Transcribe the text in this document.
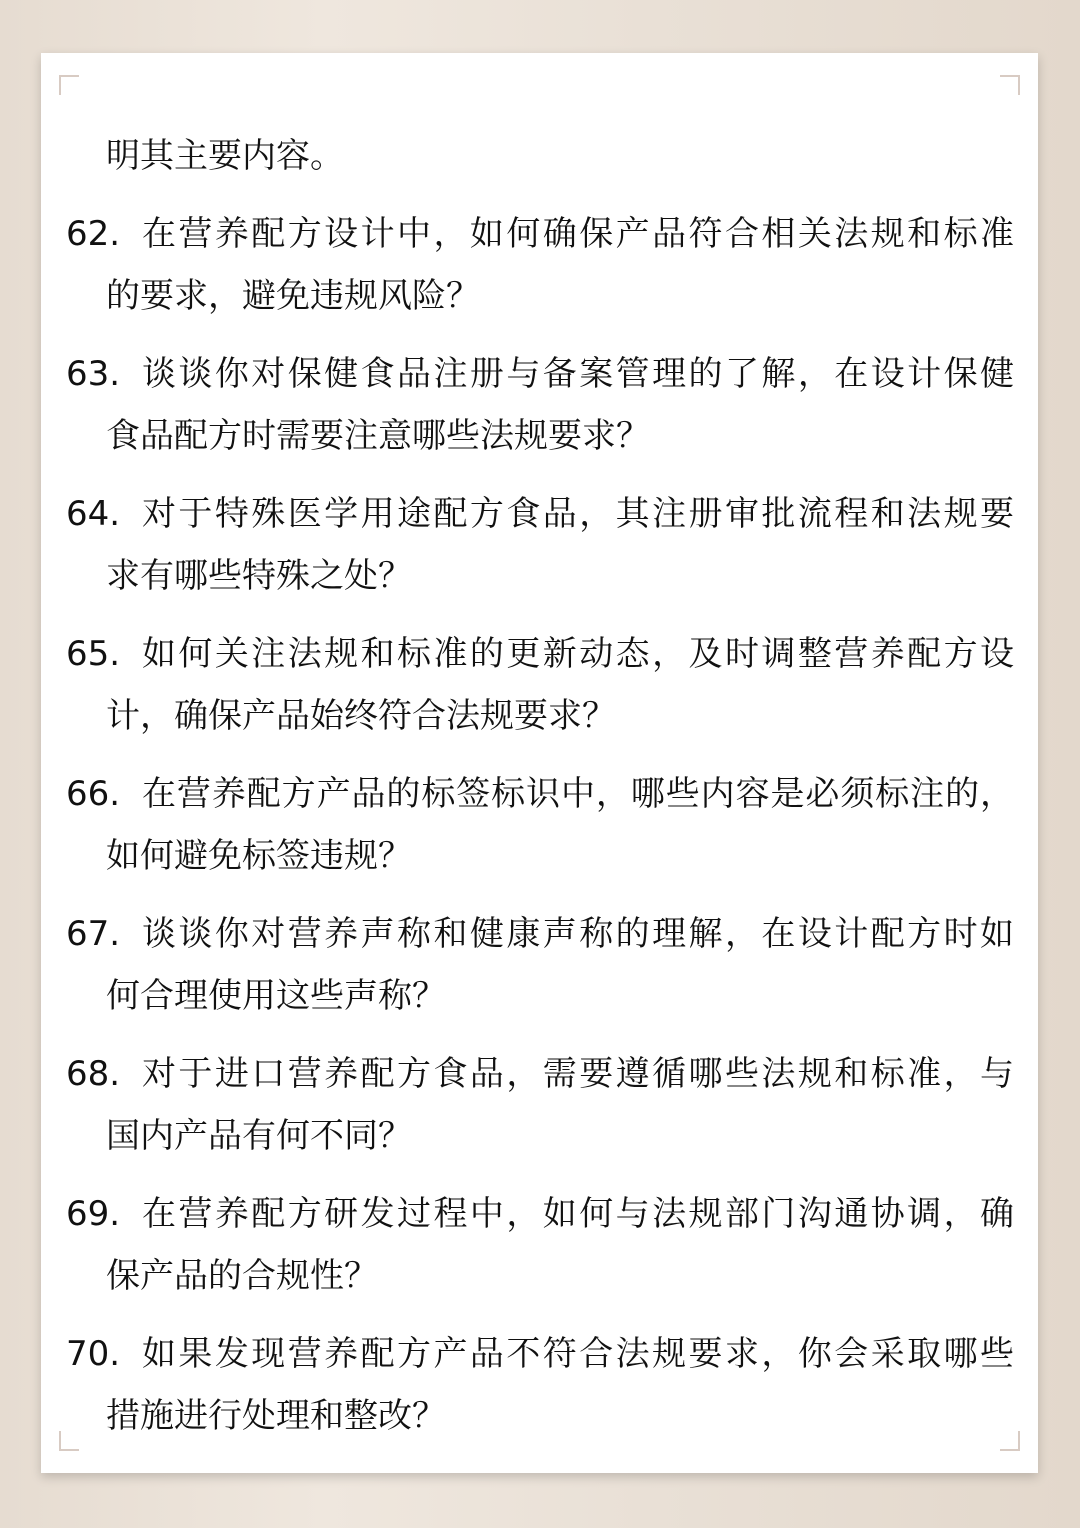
明其主要内容。
62. 在营养配方设计中，如何确保产品符合相关法规和标准
的要求，避免违规风险？
63. 谈谈你对保健食品注册与备案管理的了解，在设计保健
食品配方时需要注意哪些法规要求？
64. 对于特殊医学用途配方食品，其注册审批流程和法规要
求有哪些特殊之处？
65. 如何关注法规和标准的更新动态，及时调整营养配方设
计，确保产品始终符合法规要求？
66. 在营养配方产品的标签标识中，哪些内容是必须标注的，
如何避免标签违规？
67. 谈谈你对营养声称和健康声称的理解，在设计配方时如
何合理使用这些声称？
68. 对于进口营养配方食品，需要遵循哪些法规和标准，与
国内产品有何不同？
69. 在营养配方研发过程中，如何与法规部门沟通协调，确
保产品的合规性？
70. 如果发现营养配方产品不符合法规要求，你会采取哪些
措施进行处理和整改？
